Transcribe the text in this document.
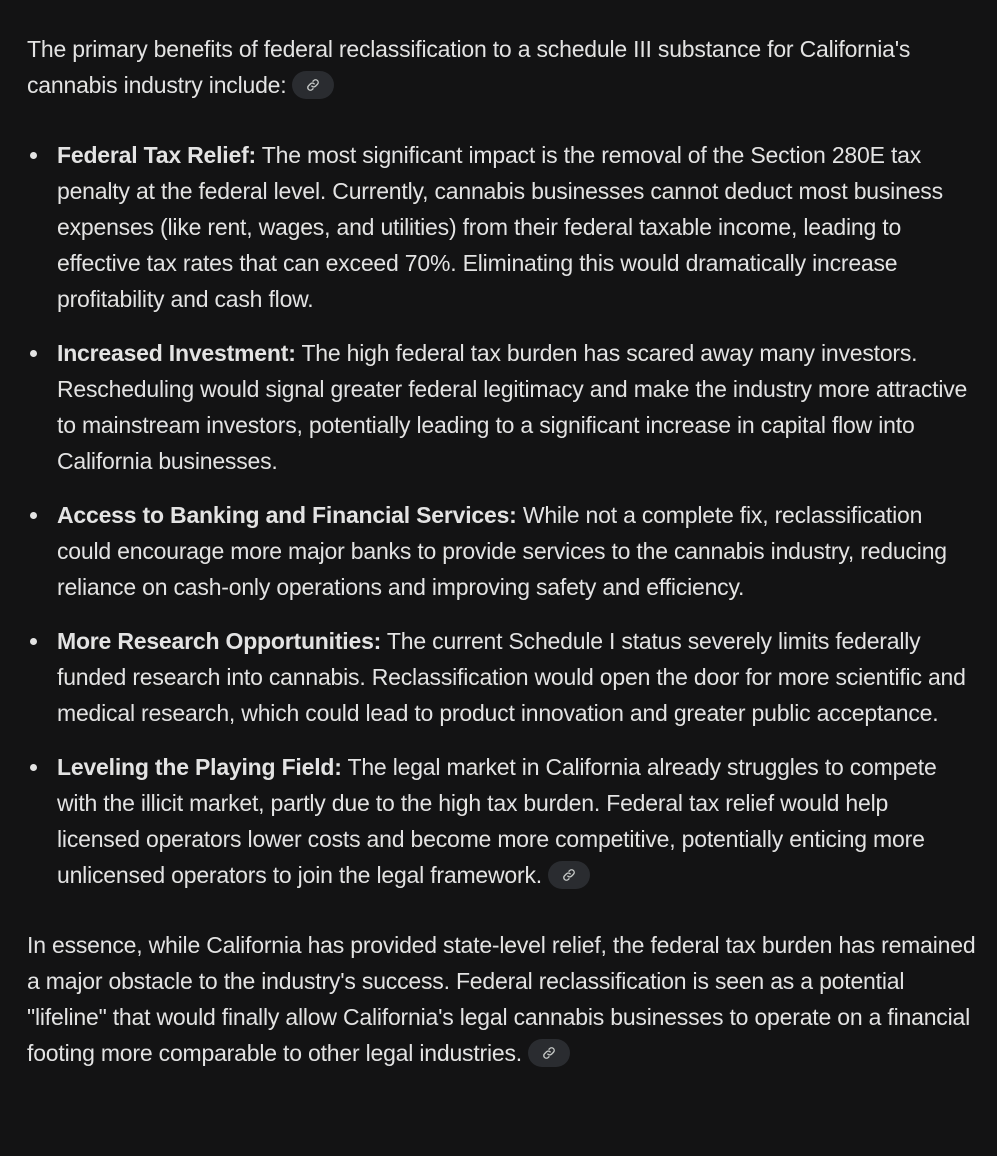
The primary benefits of federal reclassification to a schedule III substance for California's cannabis industry include:

Federal Tax Relief: The most significant impact is the removal of the Section 280E tax penalty at the federal level. Currently, cannabis businesses cannot deduct most business expenses (like rent, wages, and utilities) from their federal taxable income, leading to effective tax rates that can exceed 70%. Eliminating this would dramatically increase profitability and cash flow.
Increased Investment: The high federal tax burden has scared away many investors. Rescheduling would signal greater federal legitimacy and make the industry more attractive to mainstream investors, potentially leading to a significant increase in capital flow into California businesses.
Access to Banking and Financial Services: While not a complete fix, reclassification could encourage more major banks to provide services to the cannabis industry, reducing reliance on cash-only operations and improving safety and efficiency.
More Research Opportunities: The current Schedule I status severely limits federally funded research into cannabis. Reclassification would open the door for more scientific and medical research, which could lead to product innovation and greater public acceptance.
Leveling the Playing Field: The legal market in California already struggles to compete with the illicit market, partly due to the high tax burden. Federal tax relief would help licensed operators lower costs and become more competitive, potentially enticing more unlicensed operators to join the legal framework.

In essence, while California has provided state-level relief, the federal tax burden has remained a major obstacle to the industry's success. Federal reclassification is seen as a potential "lifeline" that would finally allow California's legal cannabis businesses to operate on a financial footing more comparable to other legal industries.
